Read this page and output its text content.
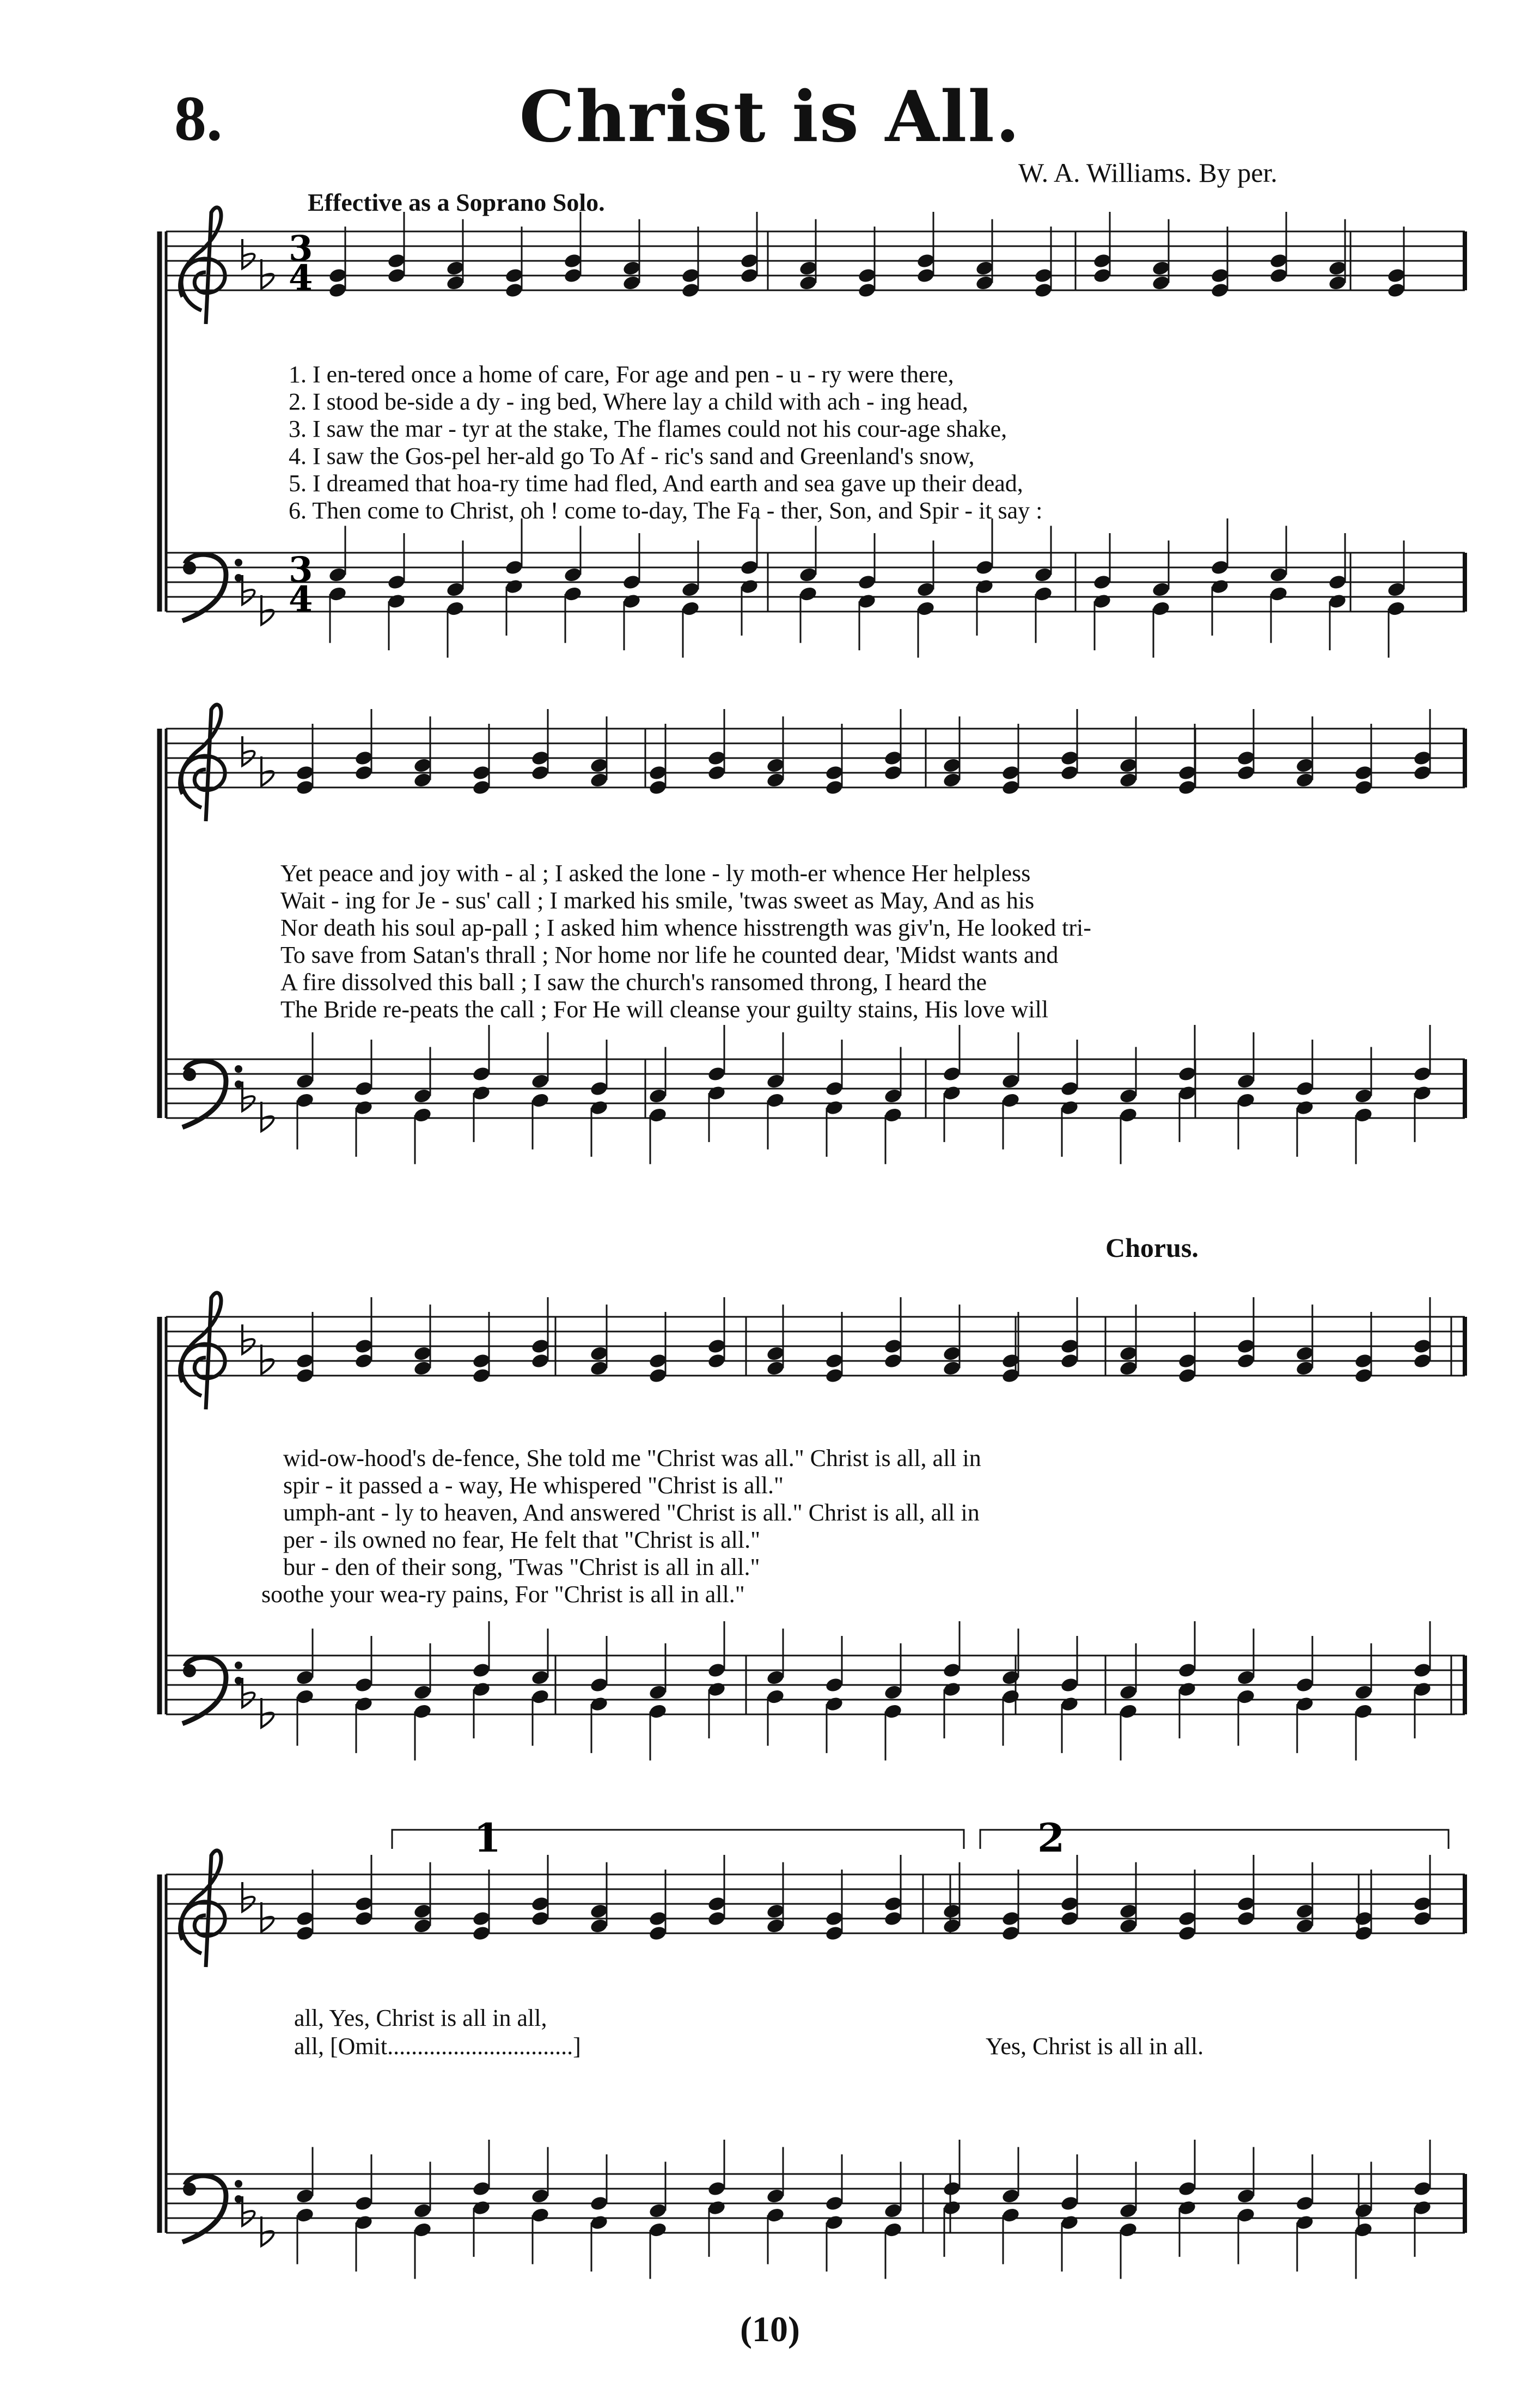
8.	Christ is All.
W. A. Williams. By per.
Effective as a Soprano Solo.
Chorus.
3
4
3
4
1	2
1. I en-tered once a home of care, For age and pen - u - ry were there,
2. I stood be-side a dy - ing bed, Where lay a child with ach - ing head,
3. I saw the mar - tyr at the stake, The flames could not his cour-age shake,
4. I saw the Gos-pel her-ald go To Af - ric's sand and Greenland's snow,
5. I dreamed that hoa-ry time had fled, And earth and sea gave up their dead,
6. Then come to Christ, oh ! come to-day, The Fa - ther, Son, and Spir - it say :
Yet peace and joy with - al ; I asked the lone - ly moth-er whence Her helpless
Wait - ing for Je - sus' call ; I marked his smile, 'twas sweet as May, And as his
Nor death his soul ap-pall ; I asked him whence hisstrength was giv'n, He looked tri-
To save from Satan's thrall ; Nor home nor life he counted dear, 'Midst wants and
A fire dissolved this ball ; I saw the church's ransomed throng, I heard the
The Bride re-peats the call ; For He will cleanse your guilty stains, His love will
wid-ow-hood's de-fence, She told me "Christ was all." Christ is all, all in
spir - it passed a - way, He whispered "Christ is all."
umph-ant - ly to heaven, And answered "Christ is all." Christ is all, all in
per - ils owned no fear, He felt that "Christ is all."
bur - den of their song, 'Twas "Christ is all in all."
soothe your wea-ry pains, For "Christ is all in all."
all, Yes, Christ is all in all,
all, [Omit...............................]	Yes, Christ is all in all.
(10)
